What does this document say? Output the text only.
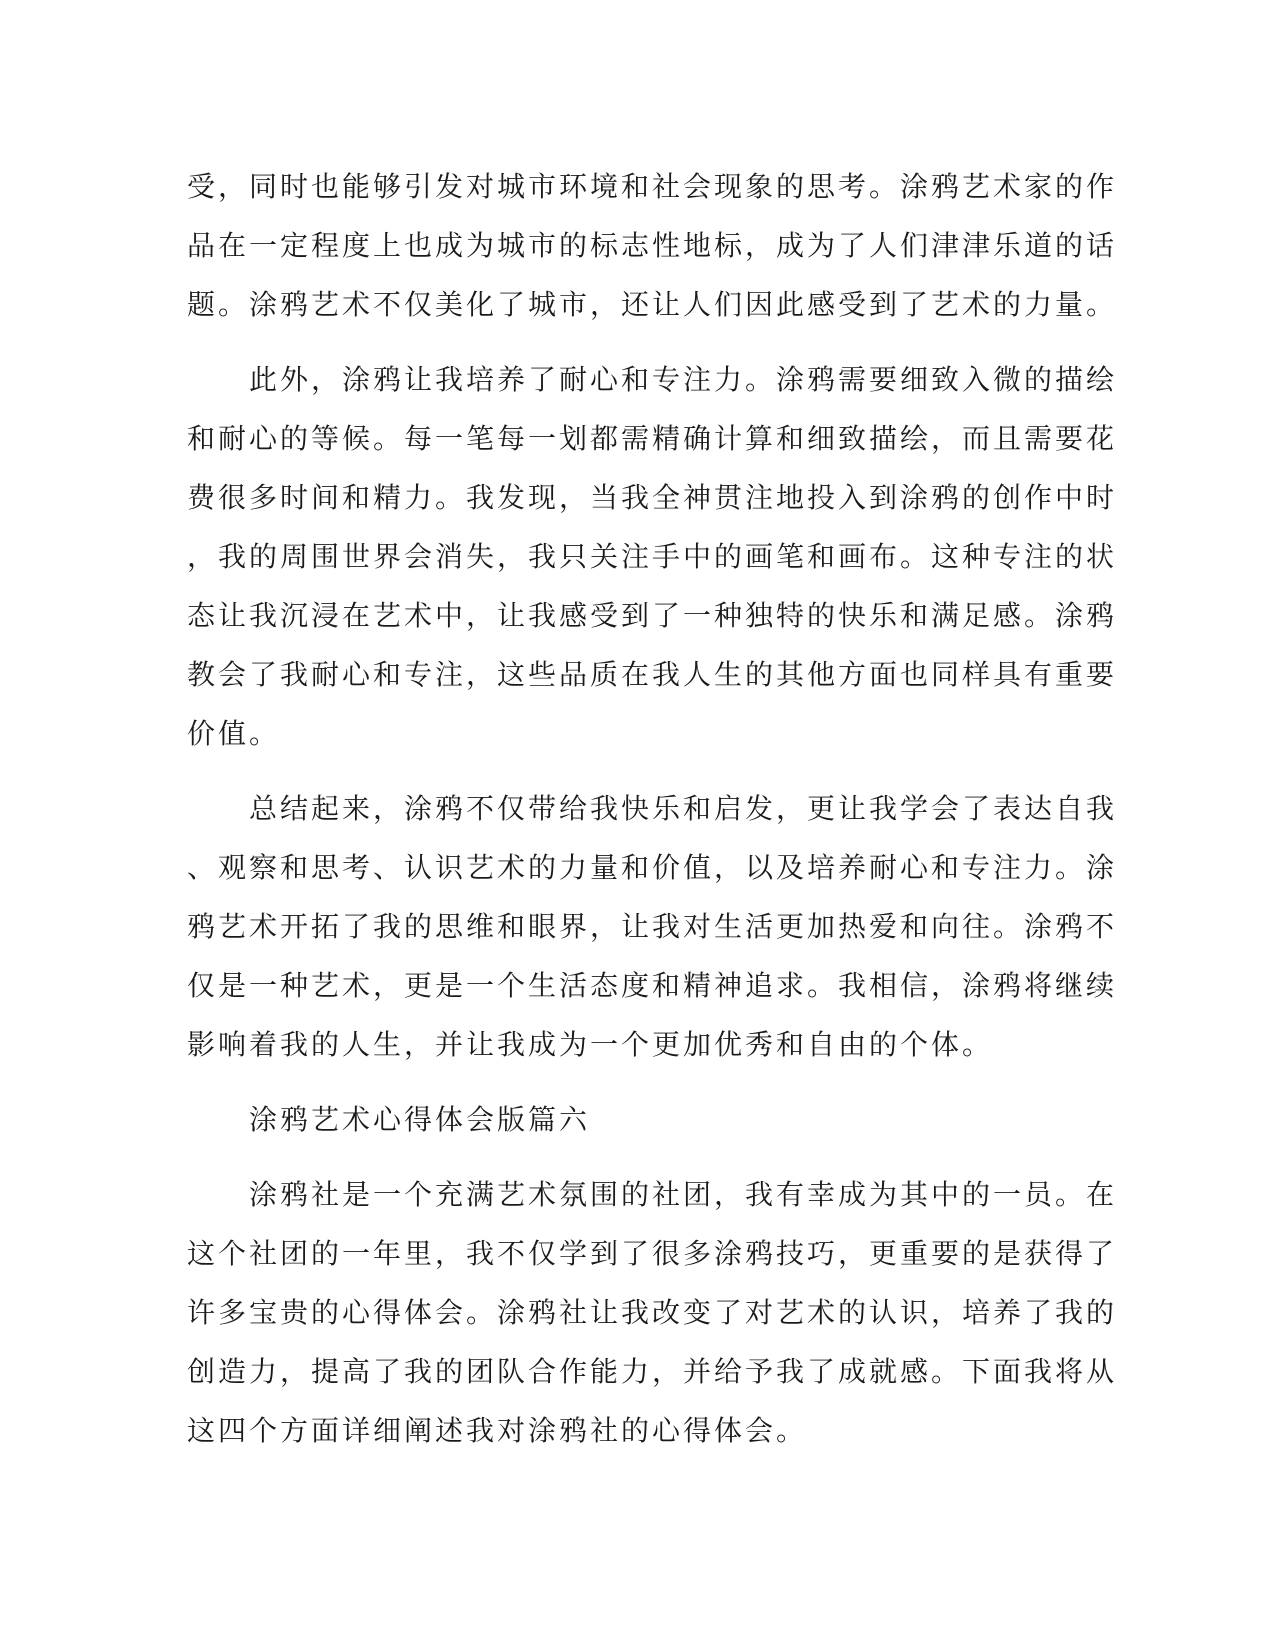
受，同时也能够引发对城市环境和社会现象的思考。涂鸦艺术家的作
品在一定程度上也成为城市的标志性地标，成为了人们津津乐道的话
题。涂鸦艺术不仅美化了城市，还让人们因此感受到了艺术的力量。
　　此外，涂鸦让我培养了耐心和专注力。涂鸦需要细致入微的描绘
和耐心的等候。每一笔每一划都需精确计算和细致描绘，而且需要花
费很多时间和精力。我发现，当我全神贯注地投入到涂鸦的创作中时
，我的周围世界会消失，我只关注手中的画笔和画布。这种专注的状
态让我沉浸在艺术中，让我感受到了一种独特的快乐和满足感。涂鸦
教会了我耐心和专注，这些品质在我人生的其他方面也同样具有重要
价值。
　　总结起来，涂鸦不仅带给我快乐和启发，更让我学会了表达自我
、观察和思考、认识艺术的力量和价值，以及培养耐心和专注力。涂
鸦艺术开拓了我的思维和眼界，让我对生活更加热爱和向往。涂鸦不
仅是一种艺术，更是一个生活态度和精神追求。我相信，涂鸦将继续
影响着我的人生，并让我成为一个更加优秀和自由的个体。
　　涂鸦艺术心得体会版篇六
　　涂鸦社是一个充满艺术氛围的社团，我有幸成为其中的一员。在
这个社团的一年里，我不仅学到了很多涂鸦技巧，更重要的是获得了
许多宝贵的心得体会。涂鸦社让我改变了对艺术的认识，培养了我的
创造力，提高了我的团队合作能力，并给予我了成就感。下面我将从
这四个方面详细阐述我对涂鸦社的心得体会。
